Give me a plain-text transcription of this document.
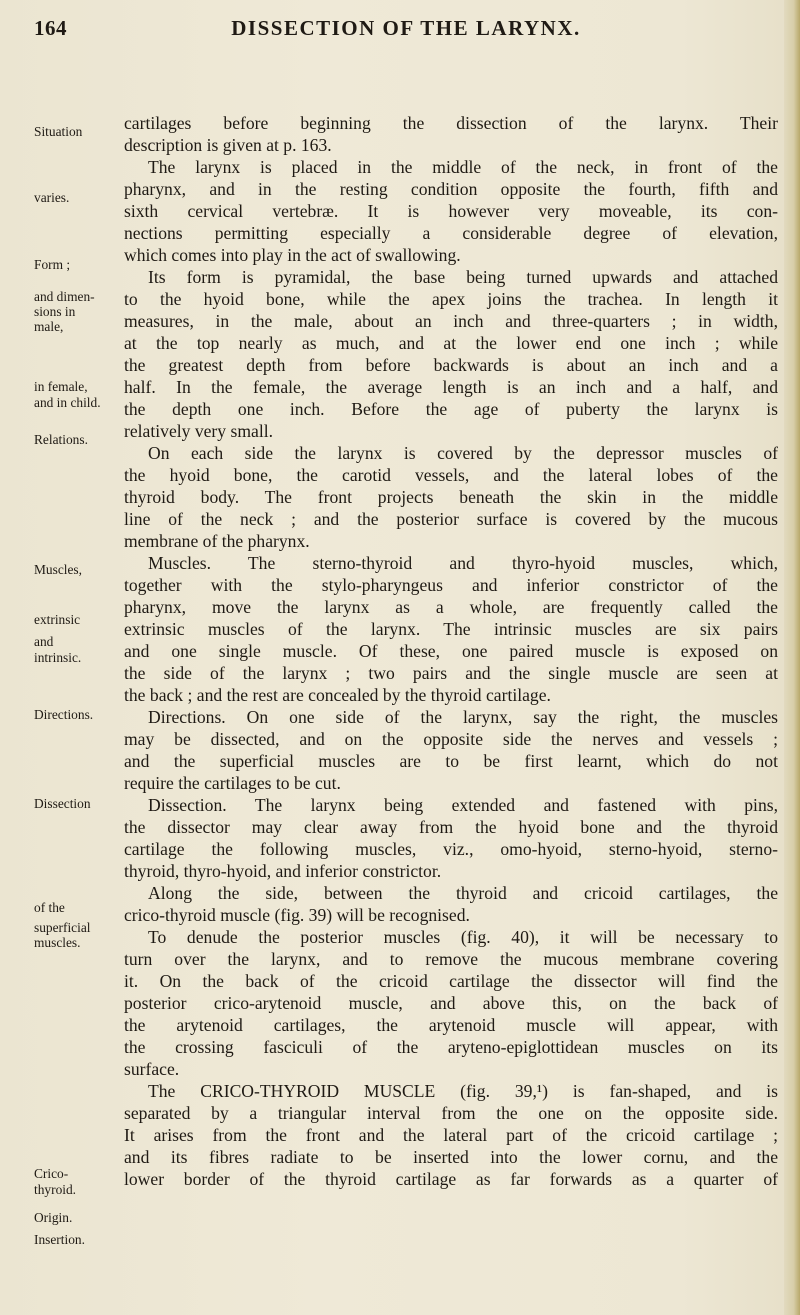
164	DISSECTION OF THE LARYNX.
Situation
varies.
Form ;
and dimen-
sions in
male,
in female,
and in child.
Relations.
Muscles,
extrinsic
and
intrinsic.
Directions.
Dissection
of the
superficial
muscles.
Crico-
thyroid.
Origin.
Insertion.
cartilages before beginning the dissection of the larynx. Their
description is given at p. 163.
The larynx is placed in the middle of the neck, in front of the
pharynx, and in the resting condition opposite the fourth, fifth and
sixth cervical vertebræ. It is however very moveable, its con-
nections permitting especially a considerable degree of elevation,
which comes into play in the act of swallowing.
Its form is pyramidal, the base being turned upwards and attached
to the hyoid bone, while the apex joins the trachea. In length it
measures, in the male, about an inch and three-quarters ; in width,
at the top nearly as much, and at the lower end one inch ; while
the greatest depth from before backwards is about an inch and a
half. In the female, the average length is an inch and a half, and
the depth one inch. Before the age of puberty the larynx is
relatively very small.
On each side the larynx is covered by the depressor muscles of
the hyoid bone, the carotid vessels, and the lateral lobes of the
thyroid body. The front projects beneath the skin in the middle
line of the neck ; and the posterior surface is covered by the mucous
membrane of the pharynx.
Muscles. The sterno-thyroid and thyro-hyoid muscles, which,
together with the stylo-pharyngeus and inferior constrictor of the
pharynx, move the larynx as a whole, are frequently called the
extrinsic muscles of the larynx. The intrinsic muscles are six pairs
and one single muscle. Of these, one paired muscle is exposed on
the side of the larynx ; two pairs and the single muscle are seen at
the back ; and the rest are concealed by the thyroid cartilage.
Directions. On one side of the larynx, say the right, the muscles
may be dissected, and on the opposite side the nerves and vessels ;
and the superficial muscles are to be first learnt, which do not
require the cartilages to be cut.
Dissection. The larynx being extended and fastened with pins,
the dissector may clear away from the hyoid bone and the thyroid
cartilage the following muscles, viz., omo-hyoid, sterno-hyoid, sterno-
thyroid, thyro-hyoid, and inferior constrictor.
Along the side, between the thyroid and cricoid cartilages, the
crico-thyroid muscle (fig. 39) will be recognised.
To denude the posterior muscles (fig. 40), it will be necessary to
turn over the larynx, and to remove the mucous membrane covering
it. On the back of the cricoid cartilage the dissector will find the
posterior crico-arytenoid muscle, and above this, on the back of
the arytenoid cartilages, the arytenoid muscle will appear, with
the crossing fasciculi of the aryteno-epiglottidean muscles on its
surface.
The CRICO-THYROID MUSCLE (fig. 39,¹) is fan-shaped, and is
separated by a triangular interval from the one on the opposite side.
It arises from the front and the lateral part of the cricoid cartilage ;
and its fibres radiate to be inserted into the lower cornu, and the
lower border of the thyroid cartilage as far forwards as a quarter of
